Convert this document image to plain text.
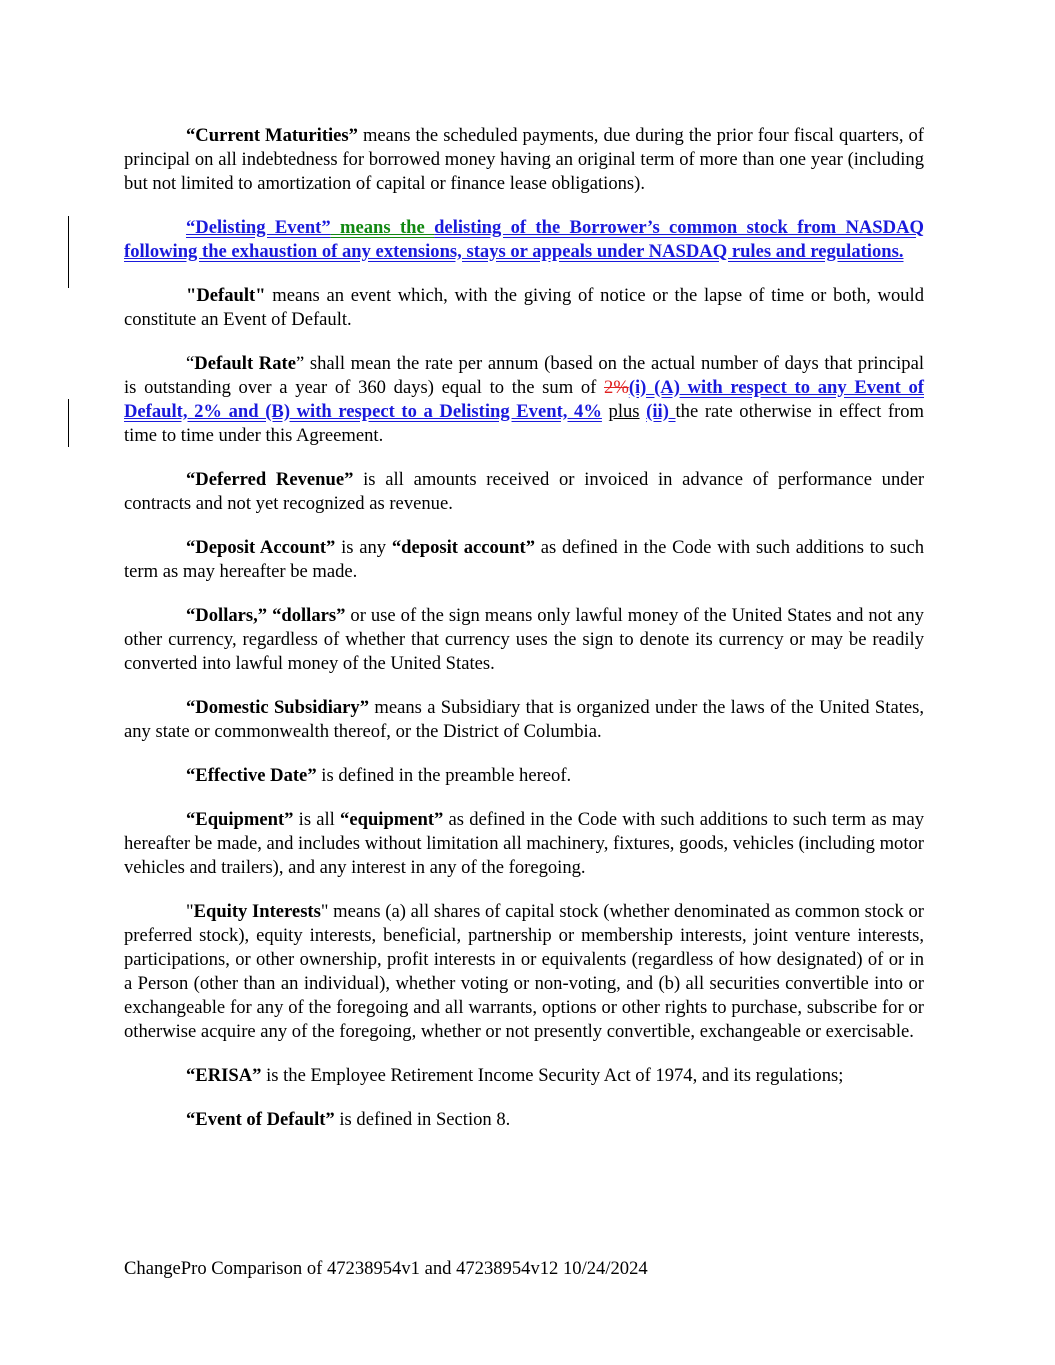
“Current Maturities” means the scheduled payments, due during the prior four fiscal quarters, of principal on all indebtedness for borrowed money having an original term of more than one year (including but not limited to amortization of capital or finance lease obligations).

“Delisting Event” means the delisting of the Borrower’s common stock from NASDAQ following the exhaustion of any extensions, stays or appeals under NASDAQ rules and regulations.

"Default" means an event which, with the giving of notice or the lapse of time or both, would constitute an Event of Default.

“Default Rate” shall mean the rate per annum (based on the actual number of days that principal is outstanding over a year of 360 days) equal to the sum of 2%(i) (A) with respect to any Event of Default, 2% and (B) with respect to a Delisting Event, 4% plus (ii) the rate otherwise in effect from time to time under this Agreement.

“Deferred Revenue” is all amounts received or invoiced in advance of performance under contracts and not yet recognized as revenue.

“Deposit Account” is any “deposit account” as defined in the Code with such additions to such term as may hereafter be made.

“Dollars,” “dollars” or use of the sign means only lawful money of the United States and not any other currency, regardless of whether that currency uses the sign to denote its currency or may be readily converted into lawful money of the United States.

“Domestic Subsidiary” means a Subsidiary that is organized under the laws of the United States, any state or commonwealth thereof, or the District of Columbia.

“Effective Date” is defined in the preamble hereof.

“Equipment” is all “equipment” as defined in the Code with such additions to such term as may hereafter be made, and includes without limitation all machinery, fixtures, goods, vehicles (including motor vehicles and trailers), and any interest in any of the foregoing.

"Equity Interests" means (a) all shares of capital stock (whether denominated as common stock or preferred stock), equity interests, beneficial, partnership or membership interests, joint venture interests, participations, or other ownership, profit interests in or equivalents (regardless of how designated) of or in a Person (other than an individual), whether voting or non-voting, and (b) all securities convertible into or exchangeable for any of the foregoing and all warrants, options or other rights to purchase, subscribe for or otherwise acquire any of the foregoing, whether or not presently convertible, exchangeable or exercisable.

“ERISA” is the Employee Retirement Income Security Act of 1974, and its regulations;

“Event of Default” is defined in Section 8.

ChangePro Comparison of 47238954v1 and 47238954v12 10/24/2024
